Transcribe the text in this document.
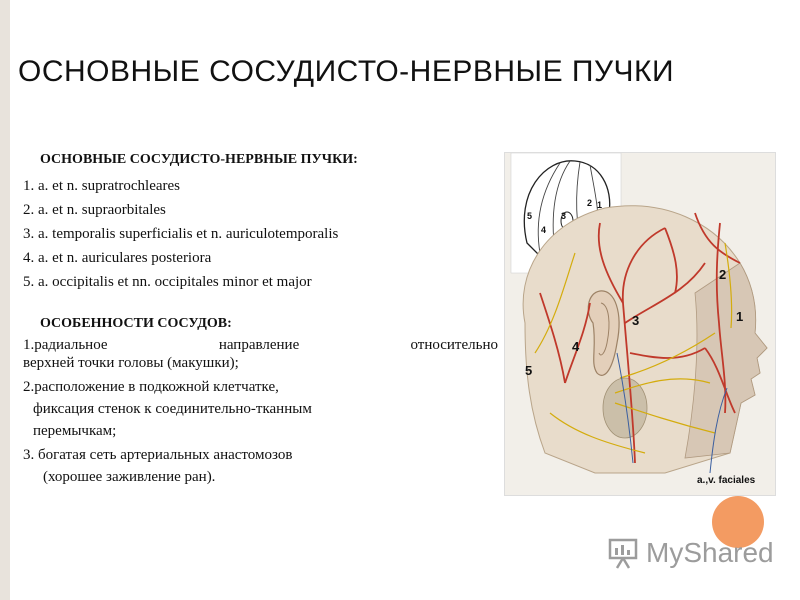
ОСНОВНЫЕ СОСУДИСТО-НЕРВНЫЕ ПУЧКИ
ОСНОВНЫЕ СОСУДИСТО-НЕРВНЫЕ ПУЧКИ:
1. a. et n. supratrochleares
2. a. et n. supraorbitales
3. a. temporalis superficialis et n. auriculotemporalis
4. a. et n. auriculares posteriora
5. a. occipitalis et nn. occipitales minor et major
ОСОБЕННОСТИ СОСУДОВ:
1.радиальное	направление	относительно
верхней точки головы (макушки);
2.расположение в подкожной клетчатке,
фиксация стенок к соединительно-тканным
перемычкам;
3. богатая сеть артериальных анастомозов
(хорошее заживление ран).
1
2
3
4
5
2
1
3
4
5
a.,v. faciales
MyShared
